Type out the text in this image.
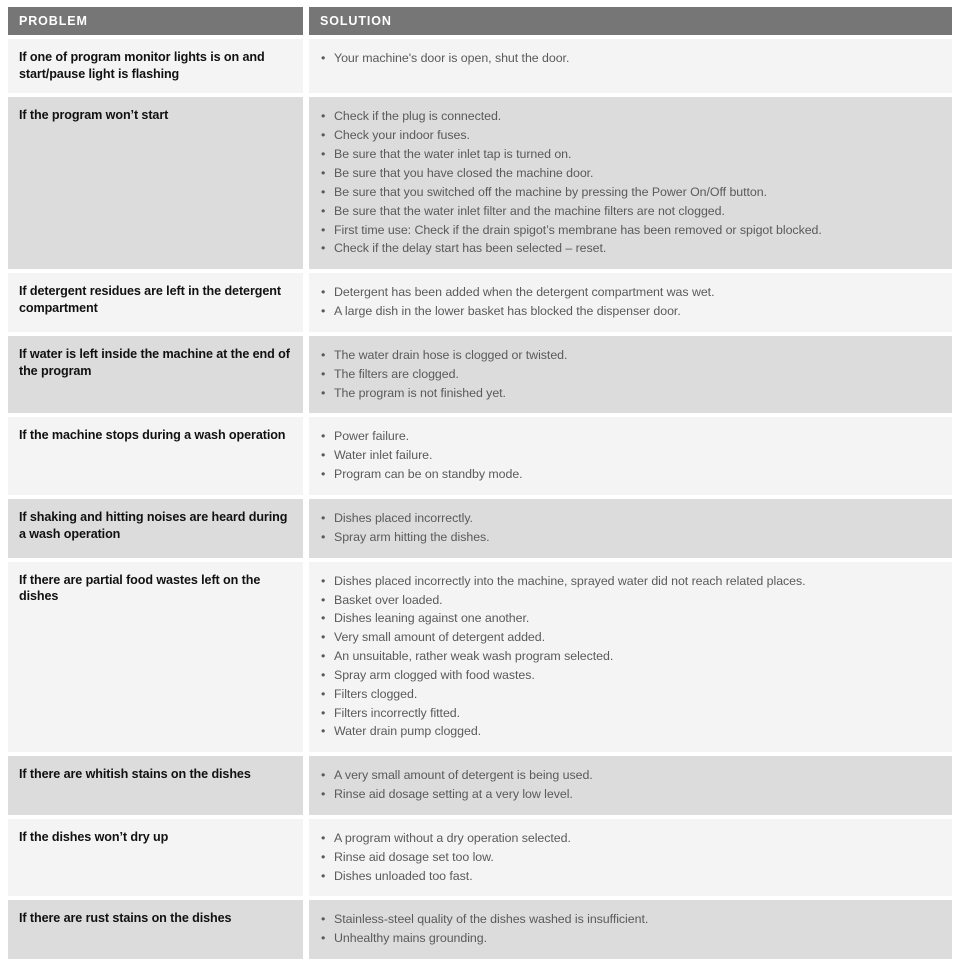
PROBLEM	SOLUTION
If one of program monitor lights is on and start/pause light is flashing
• Your machine's door is open, shut the door.
If the program won’t start	• Check if the plug is connected.
• Check your indoor fuses.
• Be sure that the water inlet tap is turned on.
• Be sure that you have closed the machine door.
• Be sure that you switched off the machine by pressing the Power On/Off button.
• Be sure that the water inlet filter and the machine filters are not clogged.
• First time use: Check if the drain spigot’s membrane has been removed or spigot blocked.
• Check if the delay start has been selected – reset.
If detergent residues are left in the detergent compartment
• Detergent has been added when the detergent compartment was wet.
• A large dish in the lower basket has blocked the dispenser door.
If water is left inside the machine at the end of the program
• The water drain hose is clogged or twisted.
• The filters are clogged.
• The program is not finished yet.
If the machine stops during a wash operation	• Power failure.
• Water inlet failure.
• Program can be on standby mode.
If shaking and hitting noises are heard during a wash operation
• Dishes placed incorrectly.
• Spray arm hitting the dishes.
If there are partial food wastes left on the dishes
• Dishes placed incorrectly into the machine, sprayed water did not reach related places.
• Basket over loaded.
• Dishes leaning against one another.
• Very small amount of detergent added.
• An unsuitable, rather weak wash program selected.
• Spray arm clogged with food wastes.
• Filters clogged.
• Filters incorrectly fitted.
• Water drain pump clogged.
If there are whitish stains on the dishes	• A very small amount of detergent is being used.
• Rinse aid dosage setting at a very low level.
If the dishes won’t dry up	• A program without a dry operation selected.
• Rinse aid dosage set too low.
• Dishes unloaded too fast.
If there are rust stains on the dishes	• Stainless-steel quality of the dishes washed is insufficient.
• Unhealthy mains grounding.
